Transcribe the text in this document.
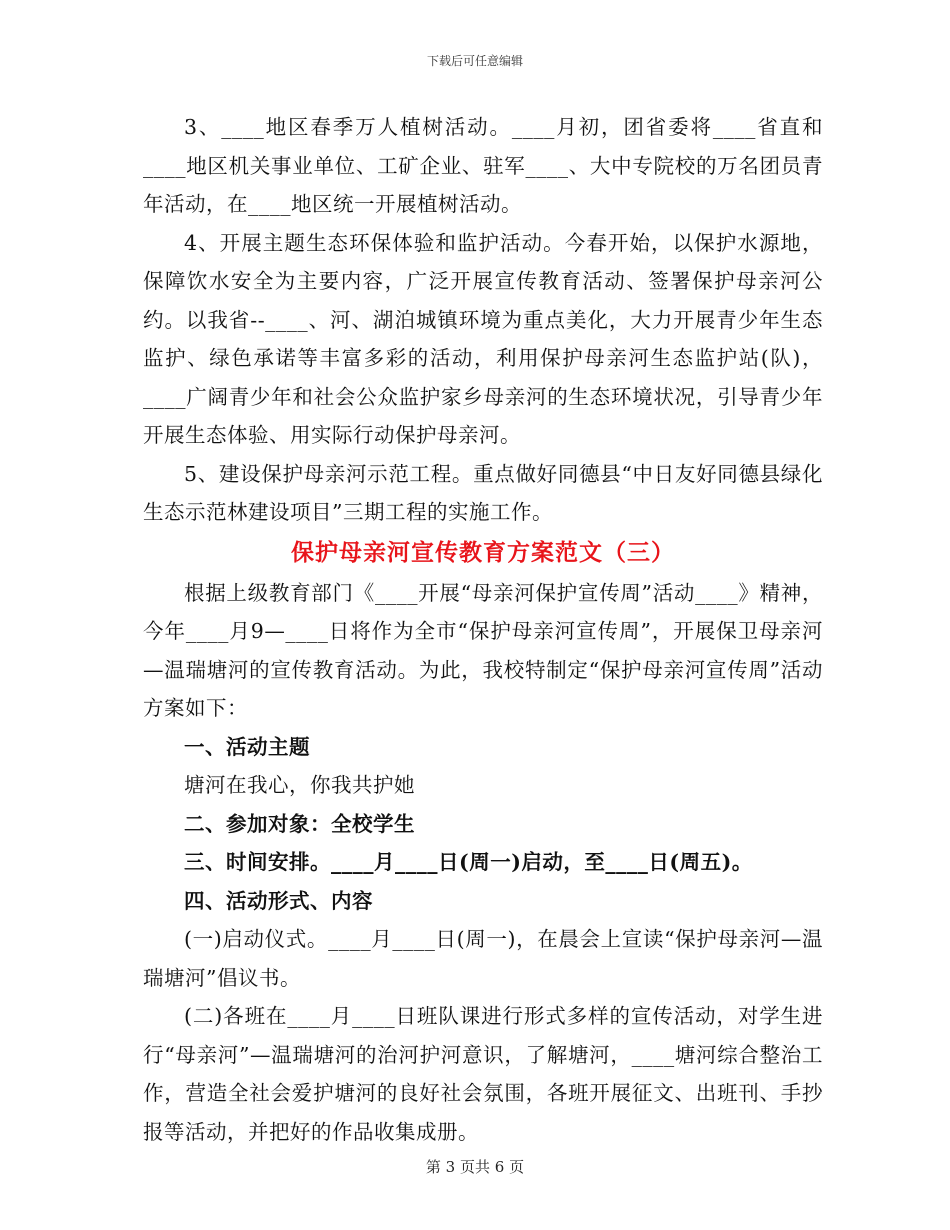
下载后可任意编辑

3、____地区春季万人植树活动。____月初，团省委将____省直和____地区机关事业单位、工矿企业、驻军____、大中专院校的万名团员青年活动，在____地区统一开展植树活动。

4、开展主题生态环保体验和监护活动。今春开始，以保护水源地，保障饮水安全为主要内容，广泛开展宣传教育活动、签署保护母亲河公约。以我省--____、河、湖泊城镇环境为重点美化，大力开展青少年生态监护、绿色承诺等丰富多彩的活动，利用保护母亲河生态监护站(队)，____广阔青少年和社会公众监护家乡母亲河的生态环境状况，引导青少年开展生态体验、用实际行动保护母亲河。

5、建设保护母亲河示范工程。重点做好同德县“中日友好同德县绿化生态示范林建设项目”三期工程的实施工作。

保护母亲河宣传教育方案范文（三）

根据上级教育部门《____开展“母亲河保护宣传周”活动____》精神，今年____月9—____日将作为全市“保护母亲河宣传周”，开展保卫母亲河—温瑞塘河的宣传教育活动。为此，我校特制定“保护母亲河宣传周”活动方案如下：

一、活动主题

塘河在我心，你我共护她

二、参加对象：全校学生

三、时间安排。____月____日(周一)启动，至____日(周五)。

四、活动形式、内容

(一)启动仪式。____月____日(周一)，在晨会上宣读“保护母亲河—温瑞塘河”倡议书。

(二)各班在____月____日班队课进行形式多样的宣传活动，对学生进行“母亲河”—温瑞塘河的治河护河意识，了解塘河，____塘河综合整治工作，营造全社会爱护塘河的良好社会氛围，各班开展征文、出班刊、手抄报等活动，并把好的作品收集成册。

第 3 页共 6 页
